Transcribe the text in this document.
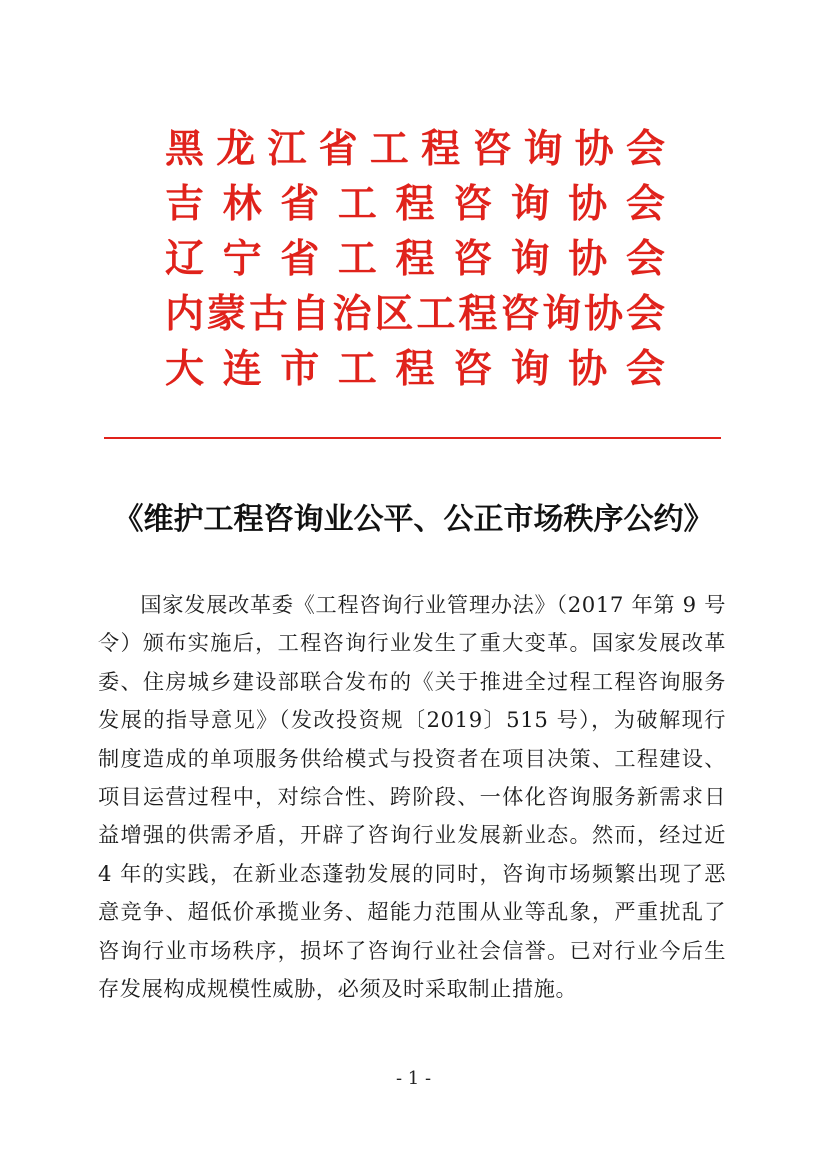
黑 龙 江 省 工 程 咨 询 协 会
吉 林 省 工 程 咨 询 协 会
辽 宁 省 工 程 咨 询 协 会
内 蒙 古 自 治 区 工 程 咨 询 协 会
大 连 市 工 程 咨 询 协 会
《维护工程咨询业公平、公正市场秩序公约》
国家发展改革委《工程咨询行业管理办法》（2017 年第 9 号令）颁布实施后，工程咨询行业发生了重大变革。国家发展改革委、住房城乡建设部联合发布的《关于推进全过程工程咨询服务发展的指导意见》（发改投资规〔2019〕515 号），为破解现行制度造成的单项服务供给模式与投资者在项目决策、工程建设、项目运营过程中，对综合性、跨阶段、一体化咨询服务新需求日益增强的供需矛盾，开辟了咨询行业发展新业态。然而，经过近 4 年的实践，在新业态蓬勃发展的同时，咨询市场频繁出现了恶意竞争、超低价承揽业务、超能力范围从业等乱象，严重扰乱了咨询行业市场秩序，损坏了咨询行业社会信誉。已对行业今后生存发展构成规模性威胁，必须及时采取制止措施。
- 1 -
